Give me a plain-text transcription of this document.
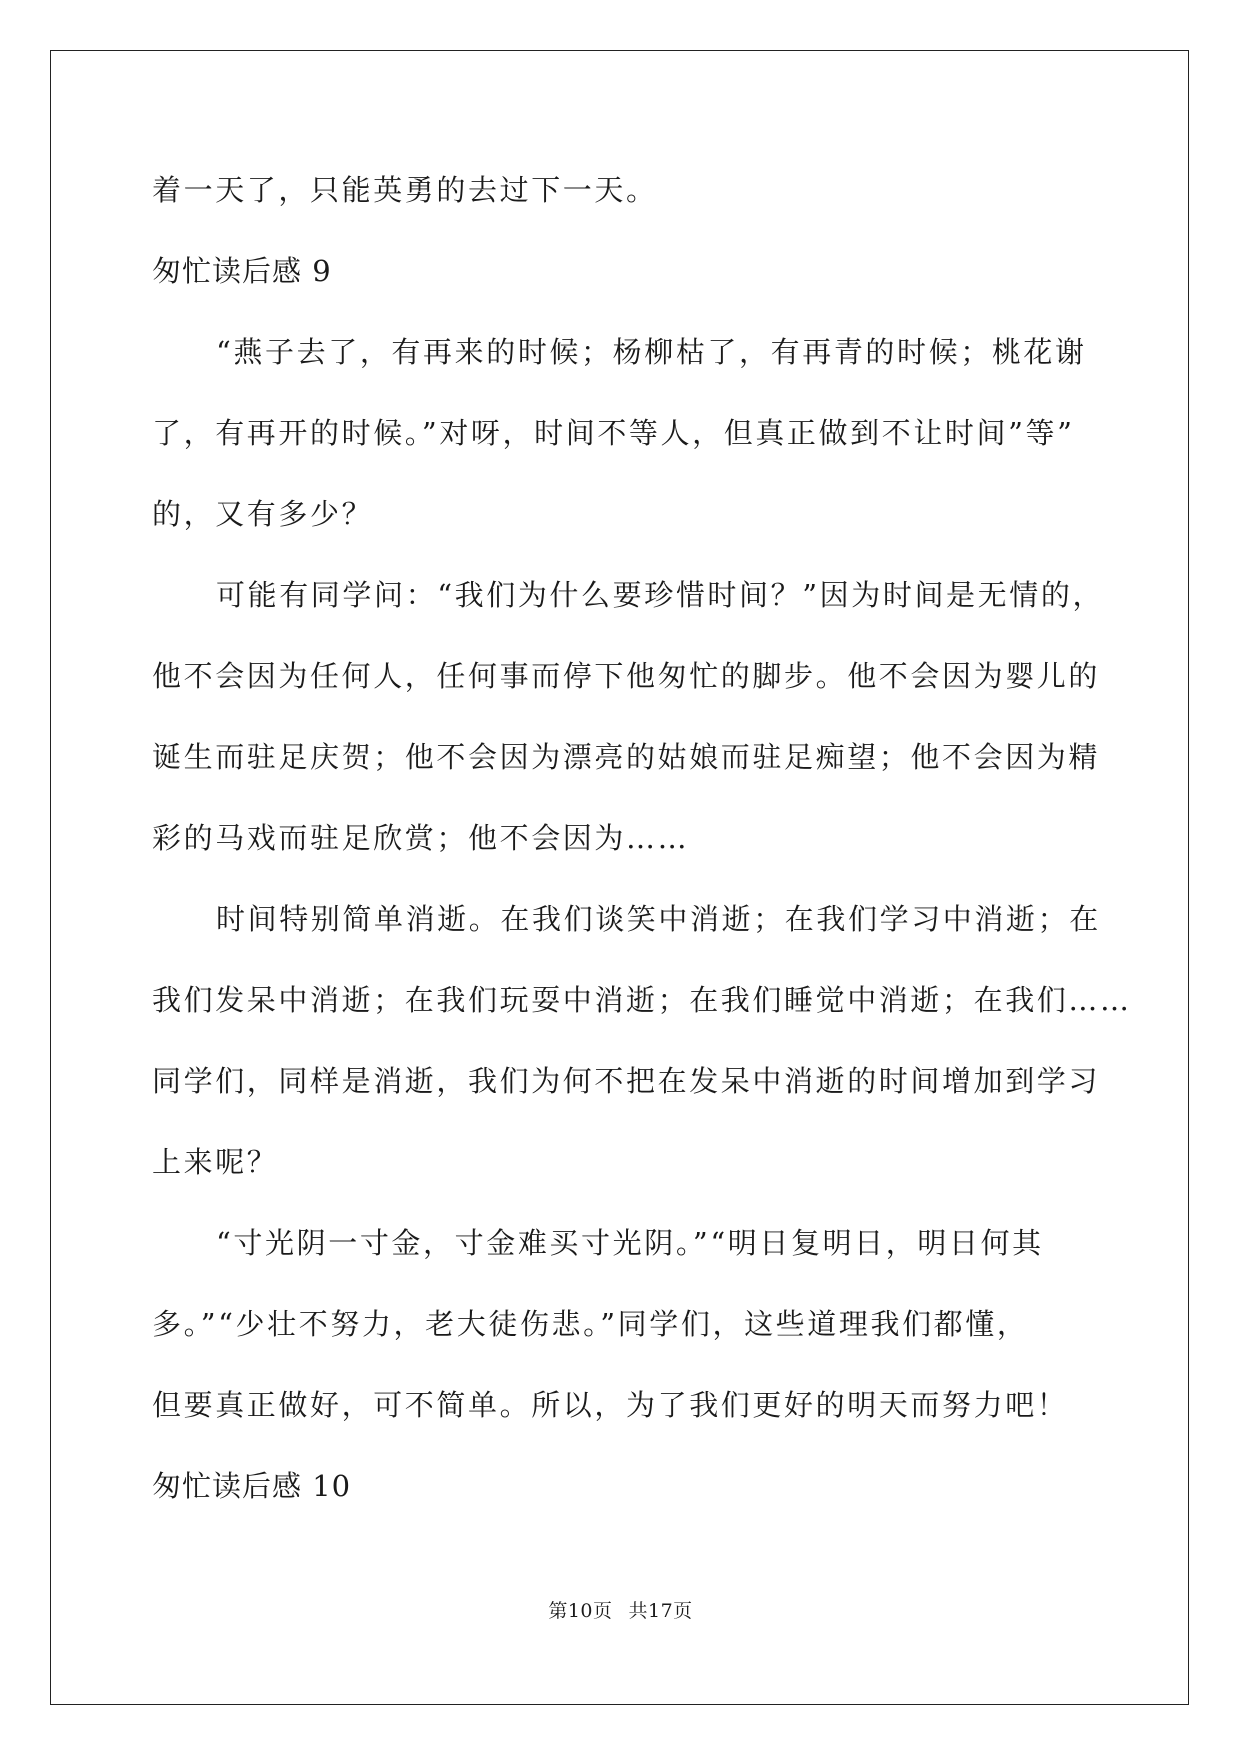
着一天了，只能英勇的去过下一天。
匆忙读后感 9
“燕子去了，有再来的时候；杨柳枯了，有再青的时候；桃花谢
了，有再开的时候。”对呀，时间不等人，但真正做到不让时间”等”
的，又有多少？
可能有同学问：“我们为什么要珍惜时间？”因为时间是无情的，
他不会因为任何人，任何事而停下他匆忙的脚步。他不会因为婴儿的
诞生而驻足庆贺；他不会因为漂亮的姑娘而驻足痴望；他不会因为精
彩的马戏而驻足欣赏；他不会因为……
时间特别简单消逝。在我们谈笑中消逝；在我们学习中消逝；在
我们发呆中消逝；在我们玩耍中消逝；在我们睡觉中消逝；在我们……
同学们，同样是消逝，我们为何不把在发呆中消逝的时间增加到学习
上来呢？
“寸光阴一寸金，寸金难买寸光阴。”“明日复明日，明日何其
多。”“少壮不努力，老大徒伤悲。”同学们，这些道理我们都懂，
但要真正做好，可不简单。所以，为了我们更好的明天而努力吧！
匆忙读后感 10
第10页 共17页
